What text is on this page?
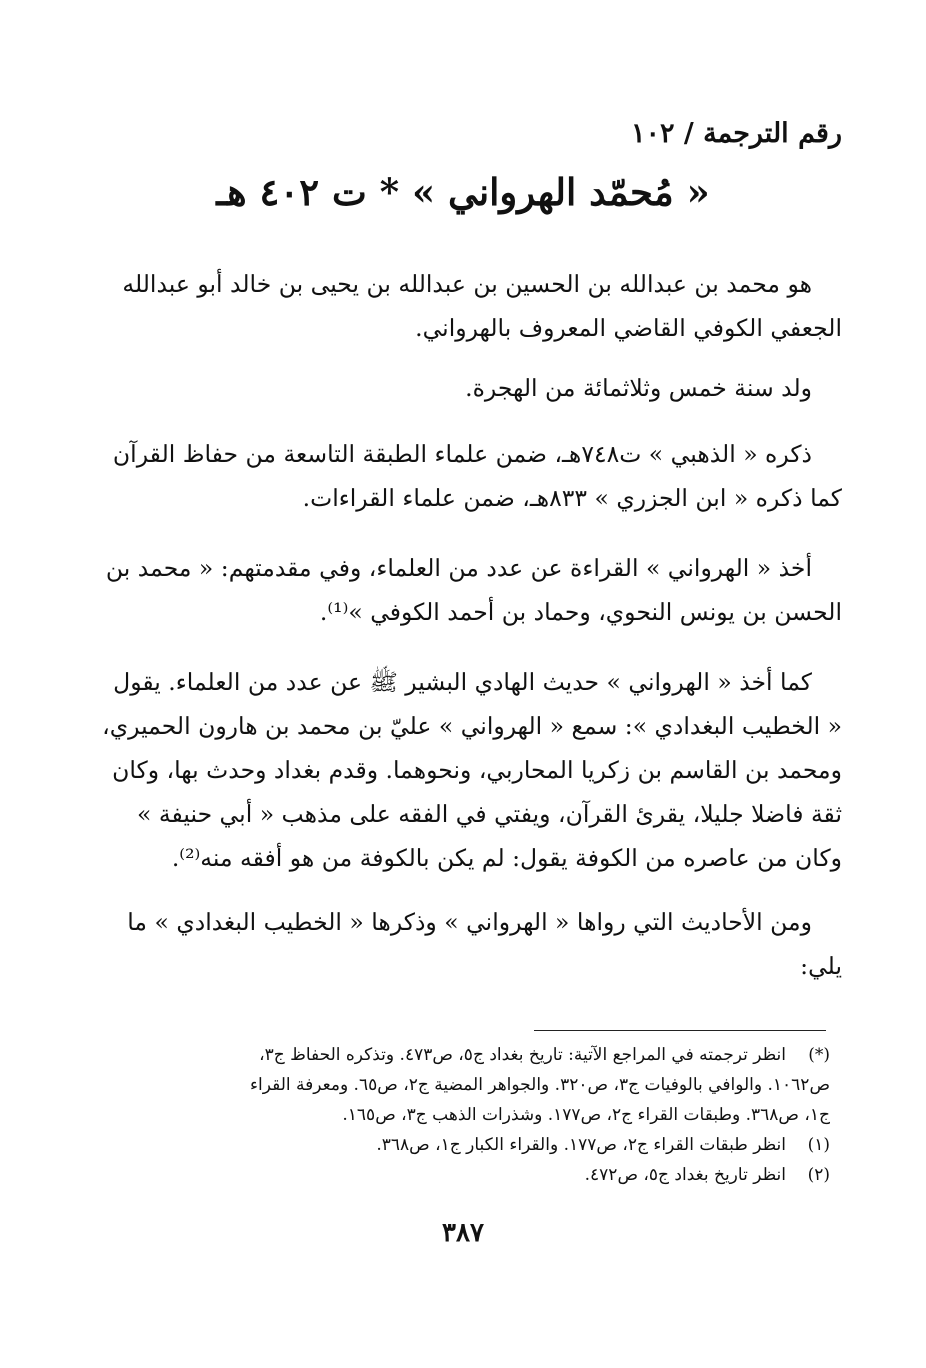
رقم الترجمة / ١٠٢
« مُحمّد الهرواني » * ت ٤٠٢ هـ
هو محمد بن عبدالله بن الحسين بن عبدالله بن يحيى بن خالد أبو عبدالله
الجعفي الكوفي القاضي المعروف بالهرواني.
ولد سنة خمس وثلاثمائة من الهجرة.
ذكره « الذهبي » ت٧٤٨هـ، ضمن علماء الطبقة التاسعة من حفاظ القرآن
كما ذكره « ابن الجزري » ٨٣٣هـ، ضمن علماء القراءات.
أخذ « الهرواني » القراءة عن عدد من العلماء، وفي مقدمتهم: « محمد بن
الحسن بن يونس النحوي، وحماد بن أحمد الكوفي »⁽¹⁾.
كما أخذ « الهرواني » حديث الهادي البشير ﷺ عن عدد من العلماء. يقول
« الخطيب البغدادي »: سمع « الهرواني » عليّ بن محمد بن هارون الحميري،
ومحمد بن القاسم بن زكريا المحاربي، ونحوهما. وقدم بغداد وحدث بها، وكان
ثقة فاضلا جليلا، يقرئ القرآن، ويفتي في الفقه على مذهب « أبي حنيفة »
وكان من عاصره من الكوفة يقول: لم يكن بالكوفة من هو أفقه منه⁽²⁾.
ومن الأحاديث التي رواها « الهرواني » وذكرها « الخطيب البغدادي » ما
يلي:
(*)انظر ترجمته في المراجع الآتية: تاريخ بغداد ج٥، ص٤٧٣. وتذكره الحفاظ ج٣،
ص١٠٦٢. والوافي بالوفيات ج٣، ص٣٢٠. والجواهر المضية ج٢، ص٦٥. ومعرفة القراء
ج١، ص٣٦٨. وطبقات القراء ج٢، ص١٧٧. وشذرات الذهب ج٣، ص١٦٥.
(١)انظر طبقات القراء ج٢، ص١٧٧. والقراء الكبار ج١، ص٣٦٨.
(٢)انظر تاريخ بغداد ج٥، ص٤٧٢.
٣٨٧
